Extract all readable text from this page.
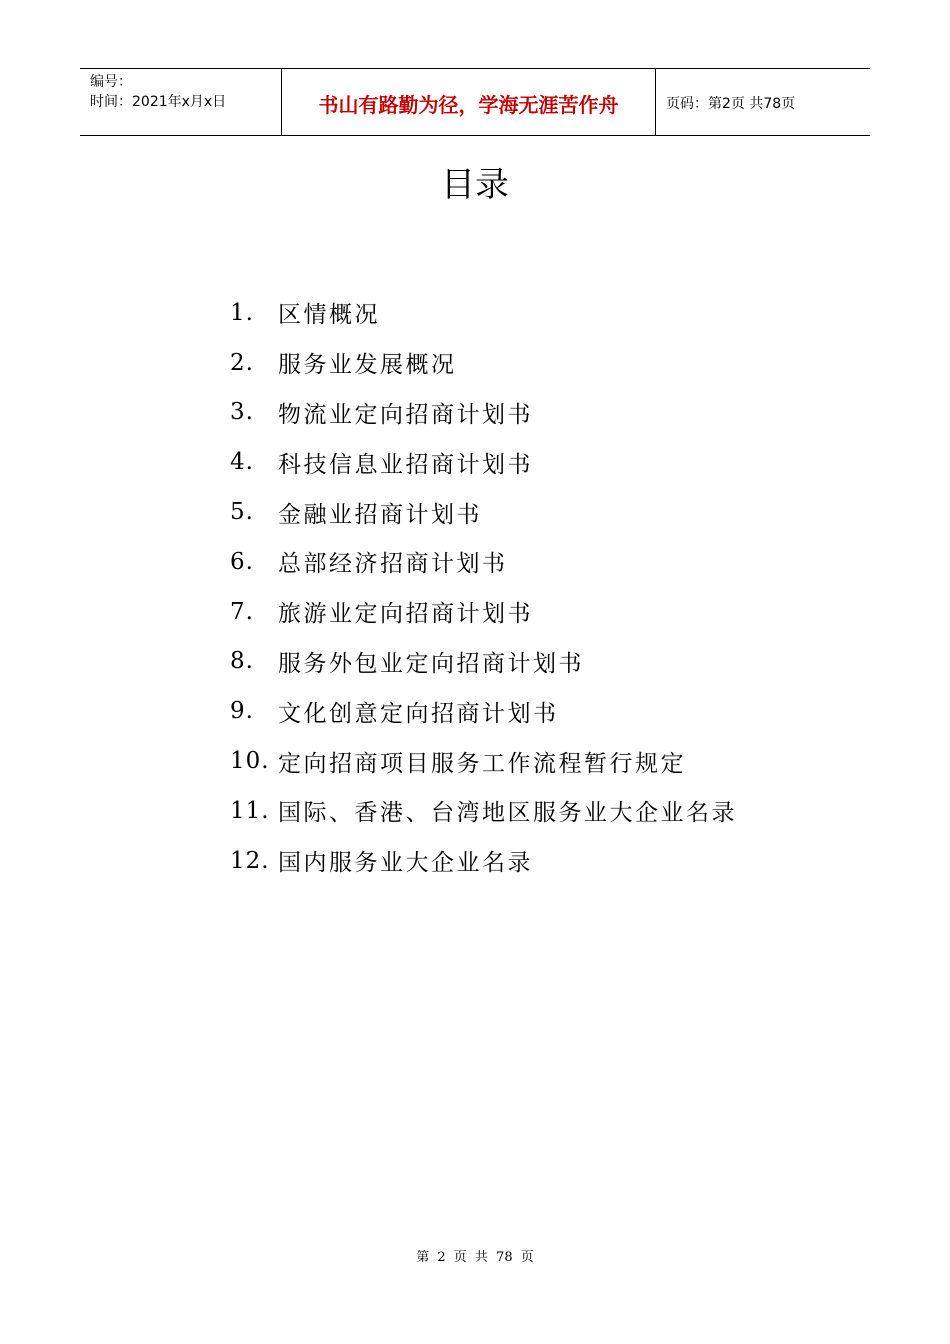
编号：
时间：2021年x月x日	书山有路勤为径，学海无涯苦作舟	页码：第2页 共78页
目录
1.	区情概况
2.	服务业发展概况
3.	物流业定向招商计划书
4.	科技信息业招商计划书
5.	金融业招商计划书
6.	总部经济招商计划书
7.	旅游业定向招商计划书
8.	服务外包业定向招商计划书
9.	文化创意定向招商计划书
10. 定向招商项目服务工作流程暂行规定
11. 国际、香港、台湾地区服务业大企业名录
12. 国内服务业大企业名录
第 2 页 共 78 页
